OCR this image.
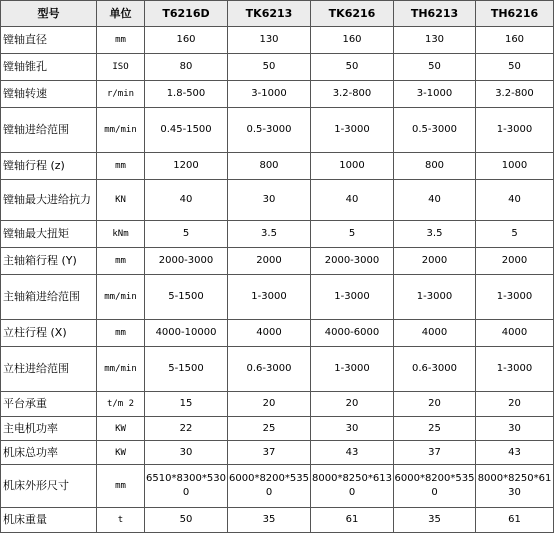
型号	单位	T6216D	TK6213	TK6216	TH6213	TH6216
镗轴直径	mm	160	130	160	130	160
镗轴锥孔	ISO	80	50	50	50	50
镗轴转速	r/min	1.8-500	3-1000	3.2-800	3-1000	3.2-800
镗轴进给范围	mm/min	0.45-1500	0.5-3000	1-3000	0.5-3000	1-3000
镗轴行程 (z)	mm	1200	800	1000	800	1000
镗轴最大进给抗力	KN	40	30	40	40	40
镗轴最大扭矩	kNm	5	3.5	5	3.5	5
主轴箱行程 (Y)	mm	2000-3000	2000	2000-3000	2000	2000
主轴箱进给范围	mm/min	5-1500	1-3000	1-3000	1-3000	1-3000
立柱行程 (X)	mm	4000-10000	4000	4000-6000	4000	4000
立柱进给范围	mm/min	5-1500	0.6-3000	1-3000	0.6-3000	1-3000
平台承重	t/m 2	15	20	20	20	20
主电机功率	KW	22	25	30	25	30
机床总功率	KW	30	37	43	37	43
机床外形尺寸	mm	6510*8300*5300	6000*8200*5350	8000*8250*6130	6000*8200*5350	8000*8250*6130
机床重量	t	50	35	61	35	61
